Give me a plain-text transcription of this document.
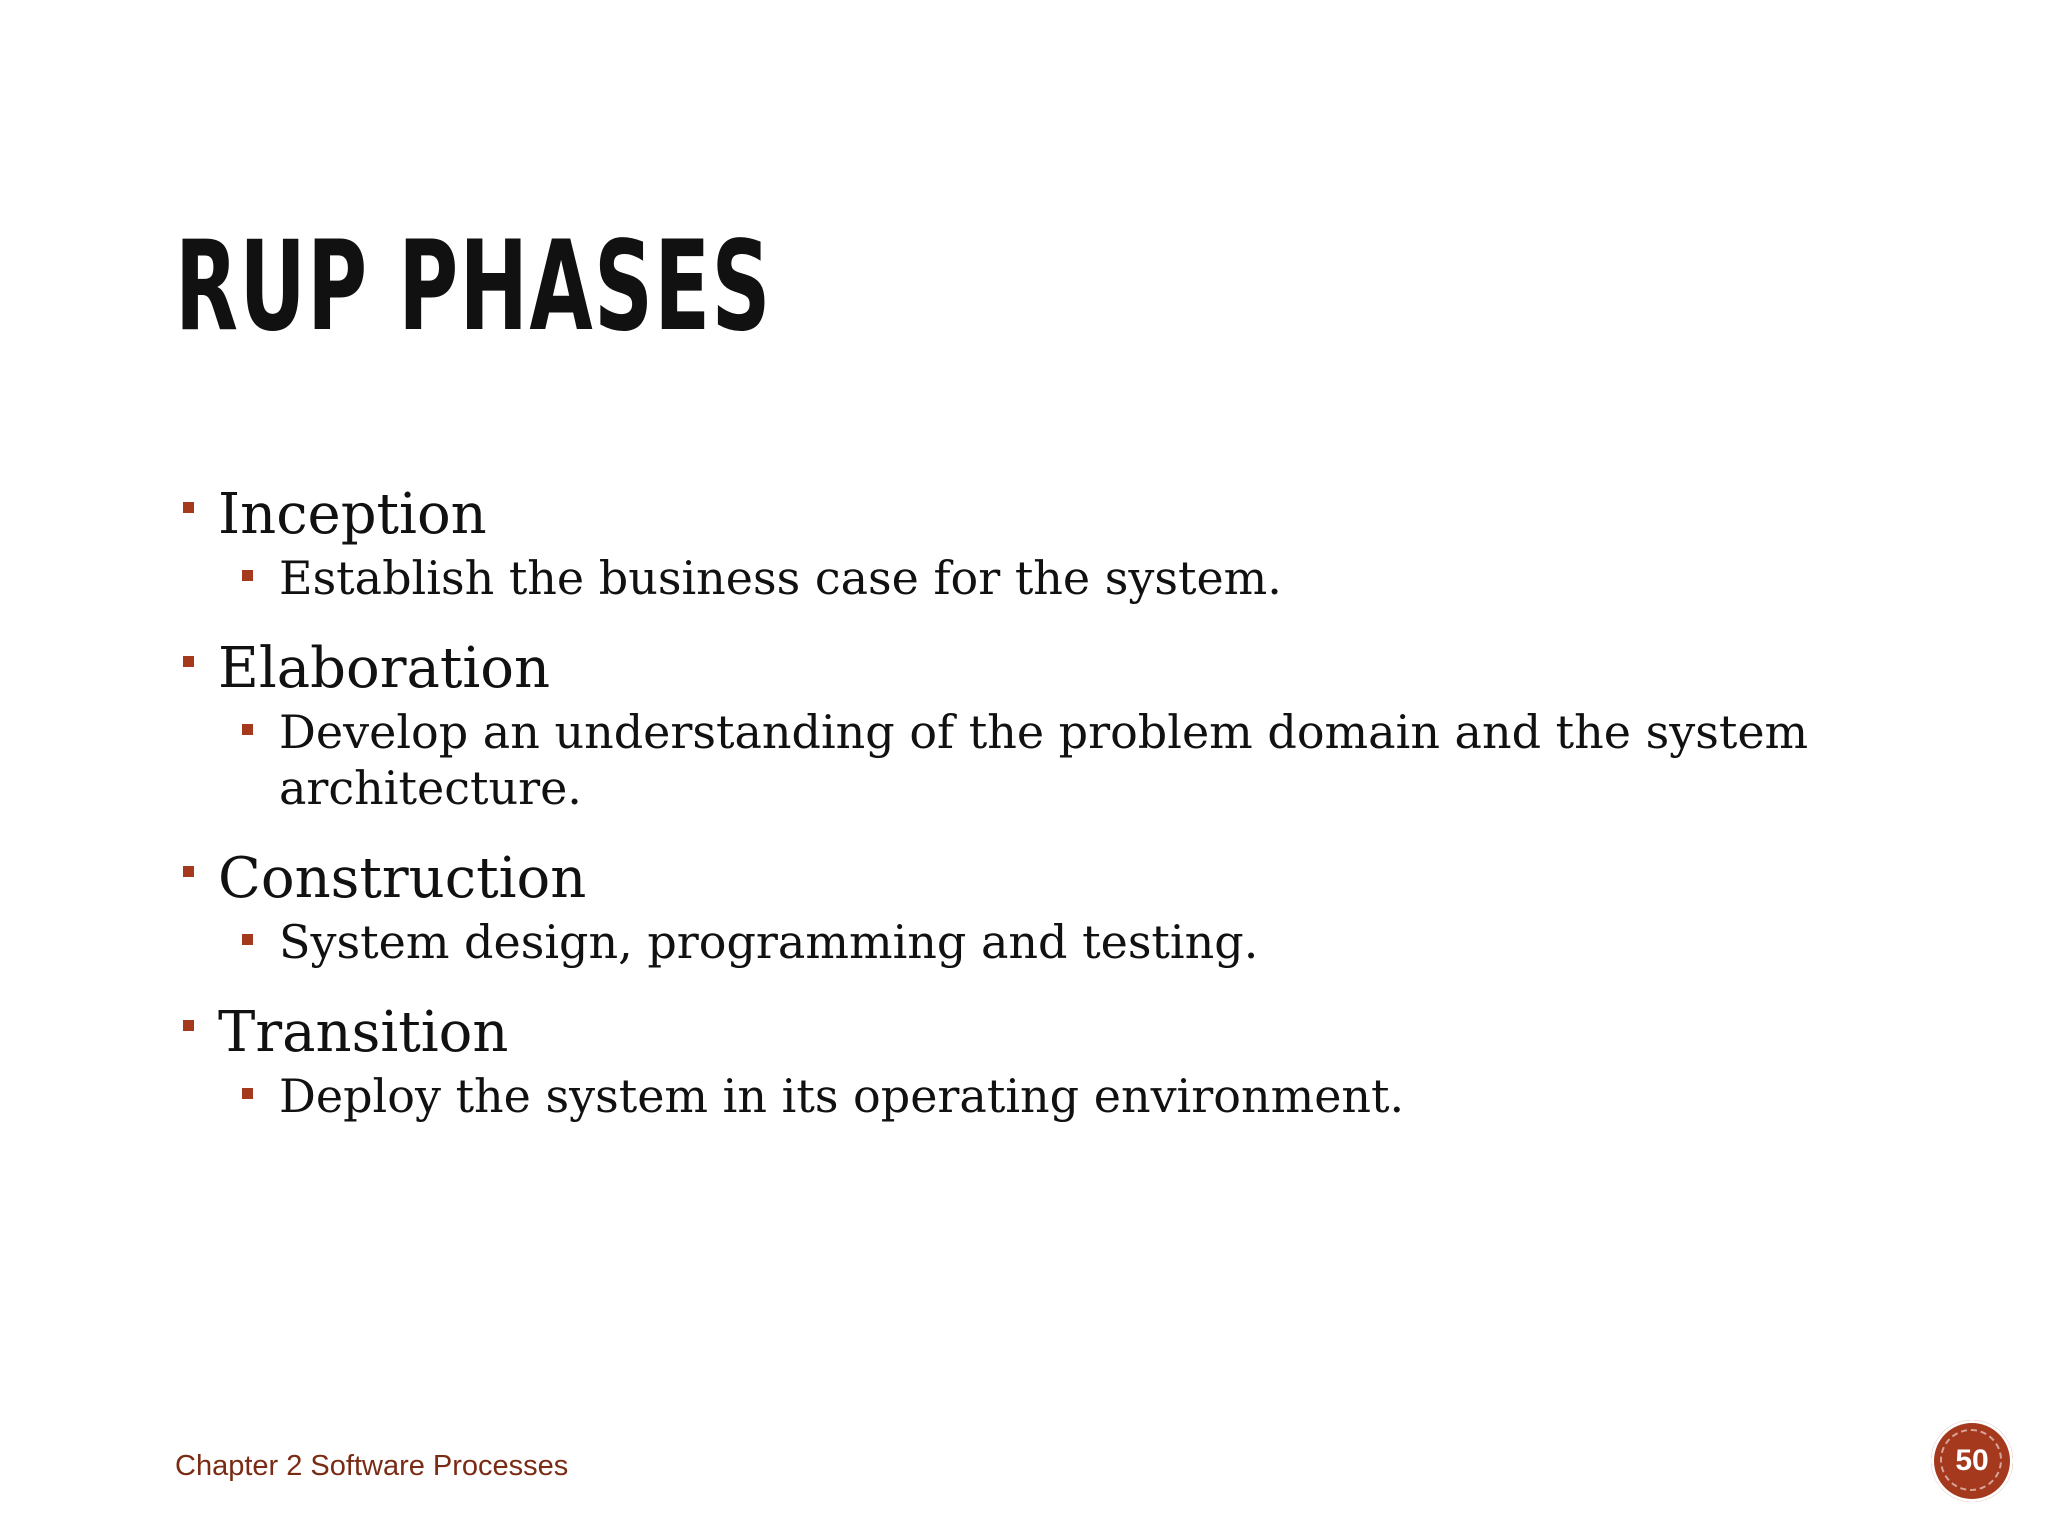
RUP PHASES
Inception
Establish the business case for the system.
Elaboration
Develop an understanding of the problem domain and the system architecture.
Construction
System design, programming and testing.
Transition
Deploy the system in its operating environment.
Chapter 2 Software Processes	50
